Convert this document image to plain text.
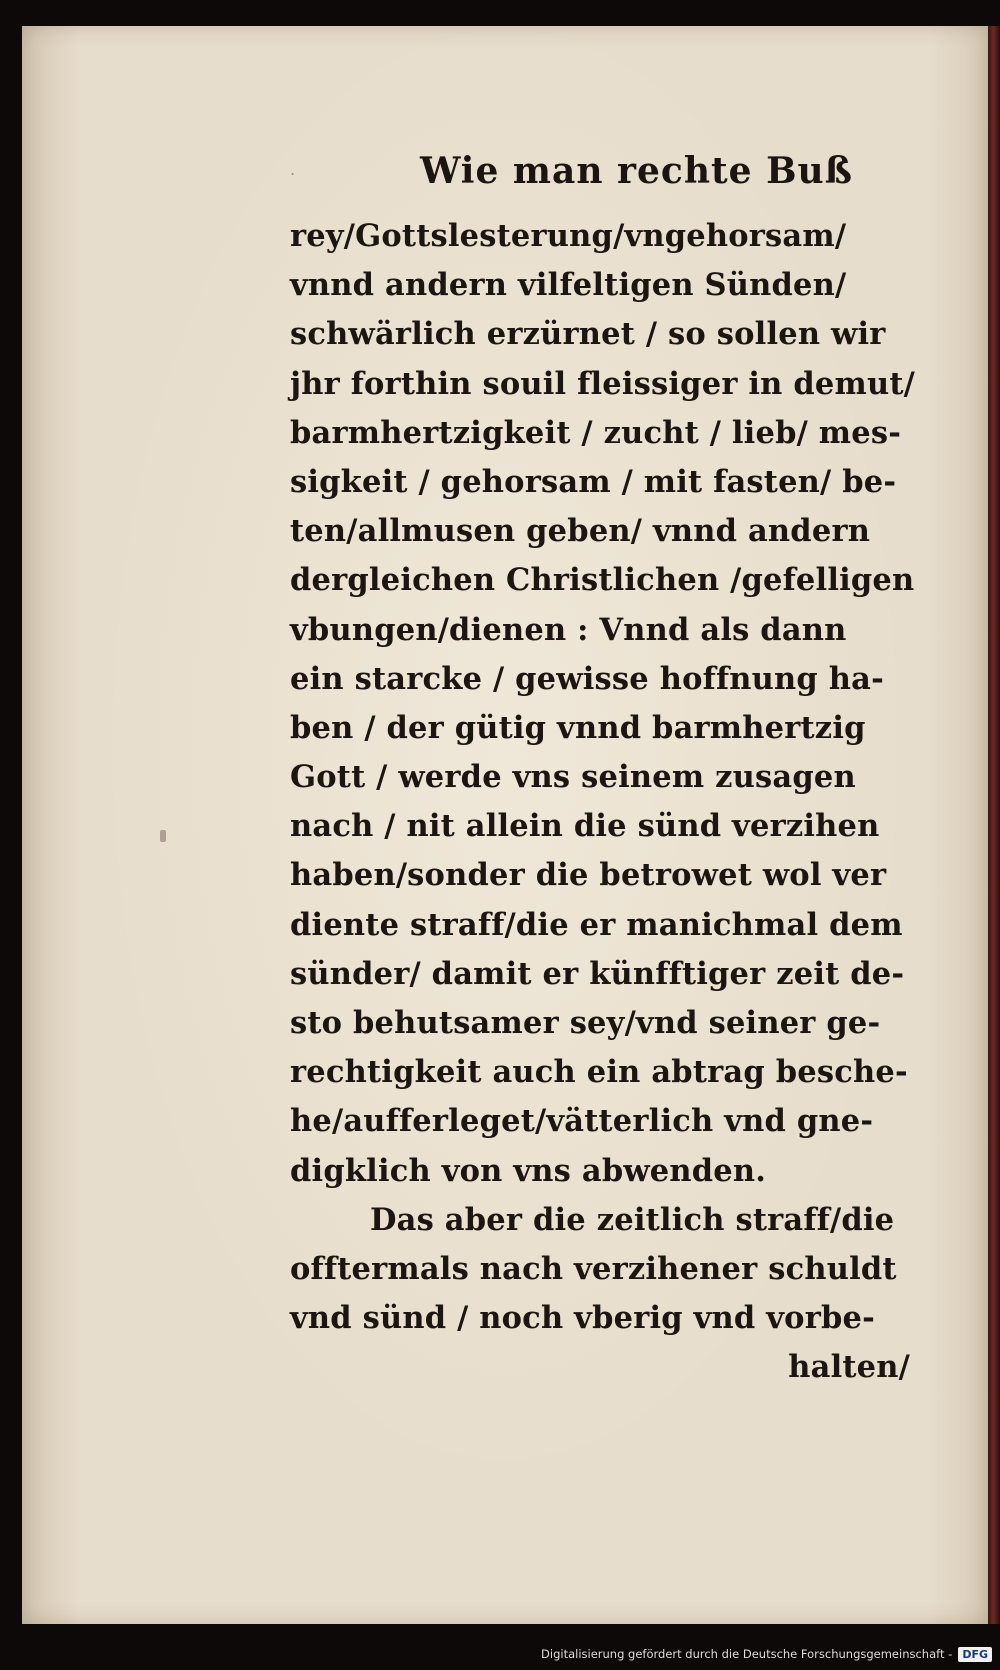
.	Wie man rechte Buß
rey/Gottslesterung/vngehorsam/
vnnd andern vilfeltigen Sünden/
schwärlich erzürnet / so sollen wir
jhr forthin souil fleissiger in demut/
barmhertzigkeit / zucht / lieb/ mes-
sigkeit / gehorsam / mit fasten/ be-
ten/allmusen geben/ vnnd andern
dergleichen Christlichen /gefelligen
vbungen/dienen : Vnnd als dann
ein starcke / gewisse hoffnung ha-
ben / der gütig vnnd barmhertzig
Gott / werde vns seinem zusagen
nach / nit allein die sünd verzihen
haben/sonder die betrowet wol ver
diente straff/die er manichmal dem
sünder/ damit er künfftiger zeit de-
sto behutsamer sey/vnd seiner ge-
rechtigkeit auch ein abtrag besche-
he/aufferleget/vätterlich vnd gne-
digklich von vns abwenden.
Das aber die zeitlich straff/die
offtermals nach verzihener schuldt
vnd sünd / noch vberig vnd vorbe-
halten/
Digitalisierung gefördert durch die Deutsche Forschungsgemeinschaft - DFG
